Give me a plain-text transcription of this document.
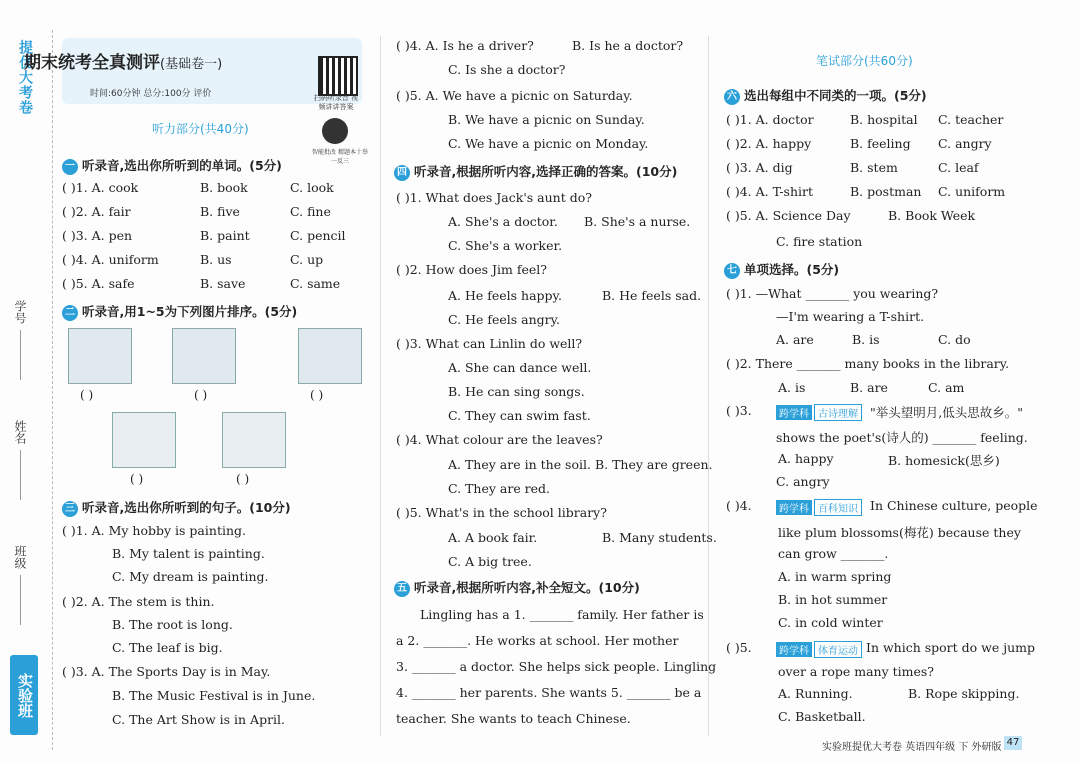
提优大考卷
学号
姓名
班级
实验班
期末统考全真测评(基础卷一)
时间:60分钟 总分:100分 评价	扫码听录音 视频讲讲答案
智能批改 精题本十举一反三
听力部分(共40分)
一 听录音,选出你所听到的单词。(5分)
( )1. A. cook	B. book	C. look
( )2. A. fair	B. five	C. fine
( )3. A. pen	B. paint	C. pencil
( )4. A. uniform	B. us	C. up
( )5. A. safe	B. save	C. same
二 听录音,用1~5为下列图片排序。(5分)
( )	( )	( )
( )	( )
三 听录音,选出你所听到的句子。(10分)
( )1. A. My hobby is painting.
B. My talent is painting.
C. My dream is painting.
( )2. A. The stem is thin.
B. The root is long.
C. The leaf is big.
( )3. A. The Sports Day is in May.
B. The Music Festival is in June.
C. The Art Show is in April.
( )4. A. Is he a driver?	B. Is he a doctor?
C. Is she a doctor?
( )5. A. We have a picnic on Saturday.
B. We have a picnic on Sunday.
C. We have a picnic on Monday.
四 听录音,根据所听内容,选择正确的答案。(10分)
( )1. What does Jack's aunt do?
A. She's a doctor. B. She's a nurse.
C. She's a worker.
( )2. How does Jim feel?
A. He feels happy.	B. He feels sad.
C. He feels angry.
( )3. What can Linlin do well?
A. She can dance well.
B. He can sing songs.
C. They can swim fast.
( )4. What colour are the leaves?
A. They are in the soil. B. They are green.
C. They are red.
( )5. What's in the school library?
A. A book fair.	B. Many students.
C. A big tree.
五 听录音,根据所听内容,补全短文。(10分)
Lingling has a 1. _______ family. Her father is
a 2. _______. He works at school. Her mother
3. _______ a doctor. She helps sick people. Lingling
4. _______ her parents. She wants 5. _______ be a
teacher. She wants to teach Chinese.
笔试部分(共60分)
六 选出每组中不同类的一项。(5分)
( )1. A. doctor	B. hospital C. teacher
( )2. A. happy	B. feeling C. angry
( )3. A. dig	B. stem	C. leaf
( )4. A. T-shirt	B. postman C. uniform
( )5. A. Science Day	B. Book Week
C. fire station
七 单项选择。(5分)
( )1. —What _______ you wearing?
—I'm wearing a T-shirt.
A. are	B. is	C. do
( )2. There _______ many books in the library.
A. is	B. are	C. am
( )3.	"举头望明月,低头思故乡。"
shows the poet's(诗人的) _______ feeling.
A. happy	B. homesick(思乡)
C. angry
( )4.	In Chinese culture, people
like plum blossoms(梅花) because they
can grow _______.
A. in warm spring
B. in hot summer
C. in cold winter
( )5.	In which sport do we jump
over a rope many times?
A. Running.	B. Rope skipping.
C. Basketball.
跨学科 古诗理解
跨学科 百科知识
跨学科 体育运动
实验班提优大考卷 英语四年级 下 外研版 47
